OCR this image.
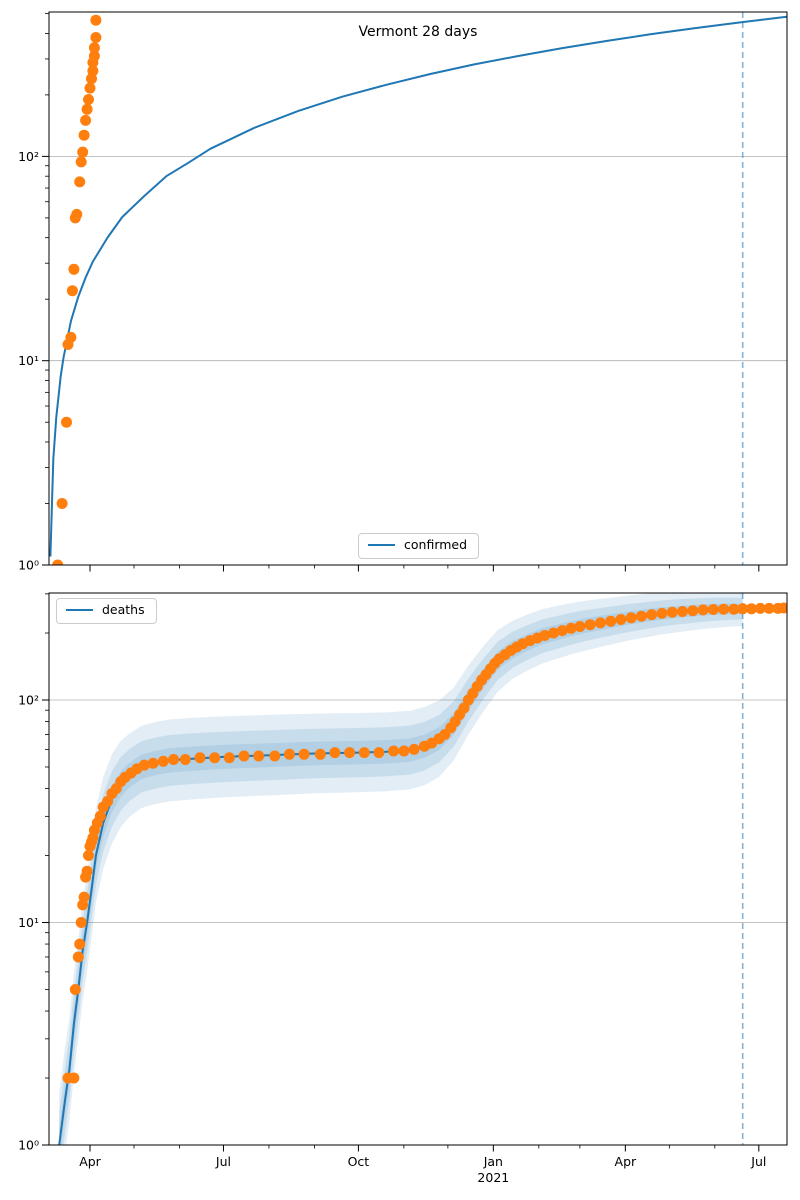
10⁰
10¹
10²
10⁰
10¹
10²
Apr	Jul	Oct	Jan	Apr	Jul
2021
Vermont 28 days
confirmed
deaths
